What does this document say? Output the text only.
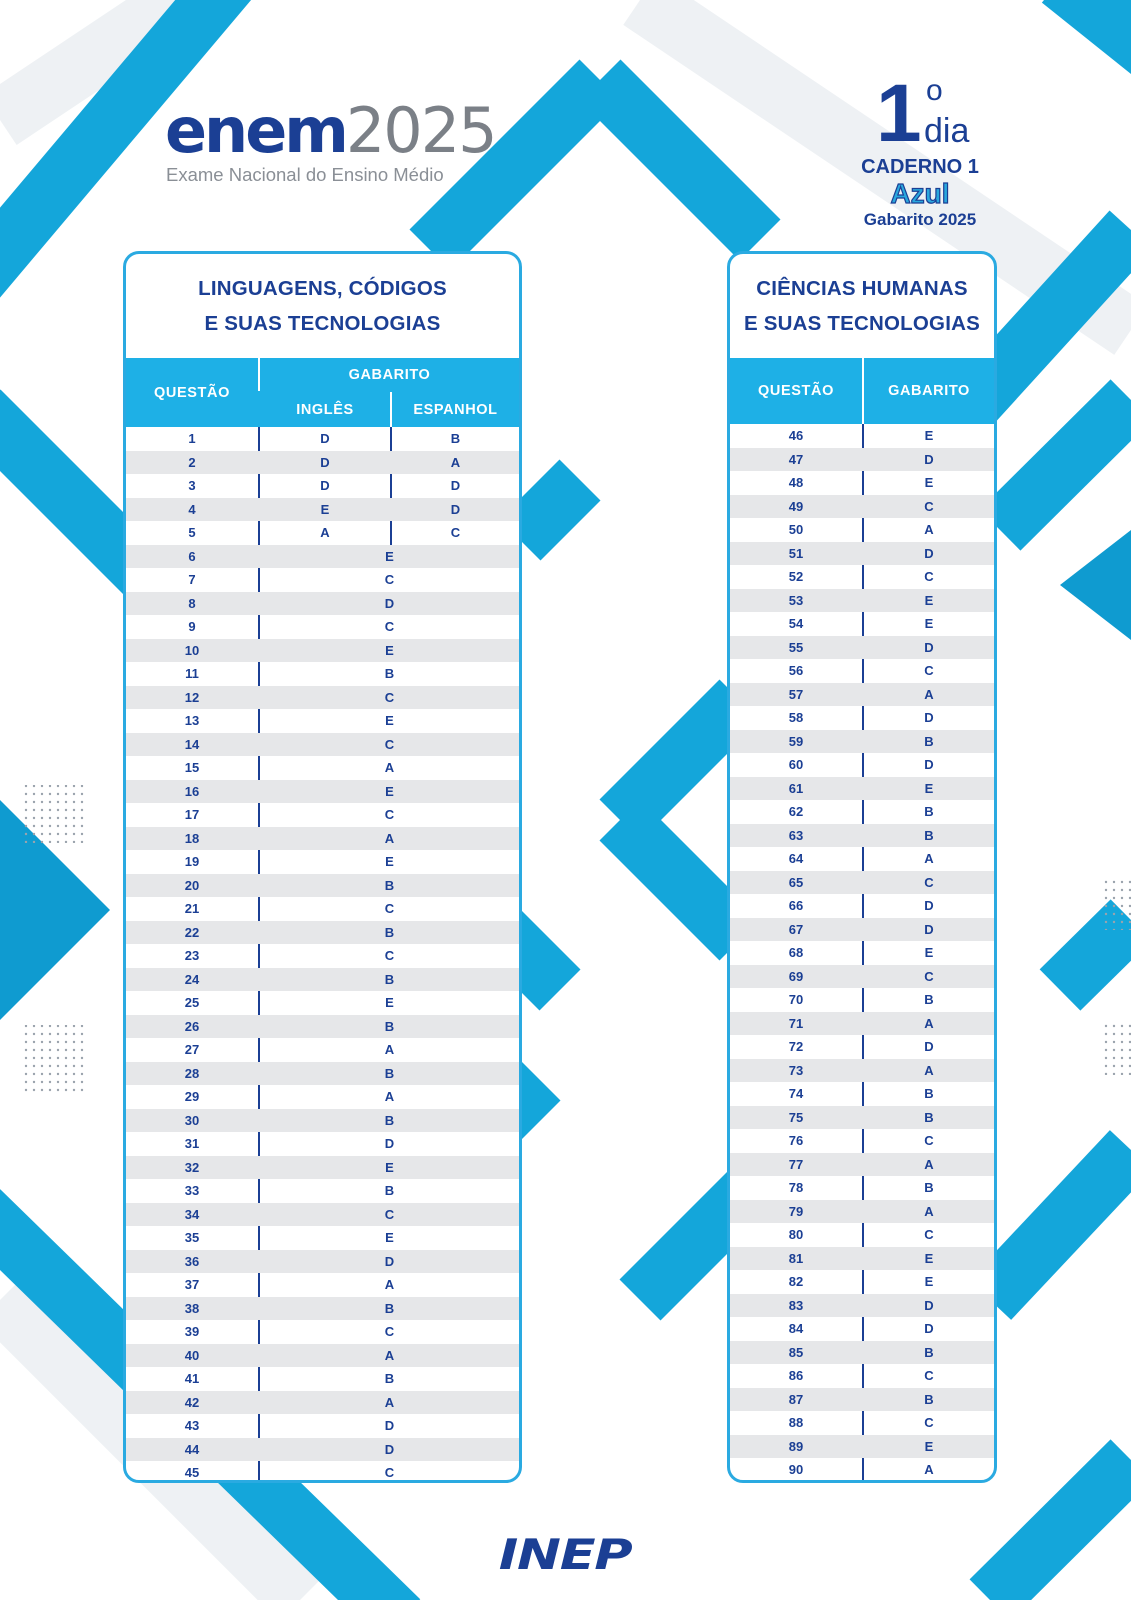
enem2025
Exame Nacional do Ensino Médio
1 o
dia
CADERNO 1
Azul
Gabarito 2025
LINGUAGENS, CÓDIGOS
E SUAS TECNOLOGIAS
QUESTÃO
GABARITO
INGLÊS	ESPANHOL
1	D	B
2	D	A
3	D	D
4	E	D
5	A	C
6	E
7	C
8	D
9	C
10	E
11	B
12	C
13	E
14	C
15	A
16	E
17	C
18	A
19	E
20	B
21	C
22	B
23	C
24	B
25	E
26	B
27	A
28	B
29	A
30	B
31	D
32	E
33	B
34	C
35	E
36	D
37	A
38	B
39	C
40	A
41	B
42	A
43	D
44	D
45	C
CIÊNCIAS HUMANAS
E SUAS TECNOLOGIAS
QUESTÃO	GABARITO
46	E
47	D
48	E
49	C
50	A
51	D
52	C
53	E
54	E
55	D
56	C
57	A
58	D
59	B
60	D
61	E
62	B
63	B
64	A
65	C
66	D
67	D
68	E
69	C
70	B
71	A
72	D
73	A
74	B
75	B
76	C
77	A
78	B
79	A
80	C
81	E
82	E
83	D
84	D
85	B
86	C
87	B
88	C
89	E
90	A
INEP
